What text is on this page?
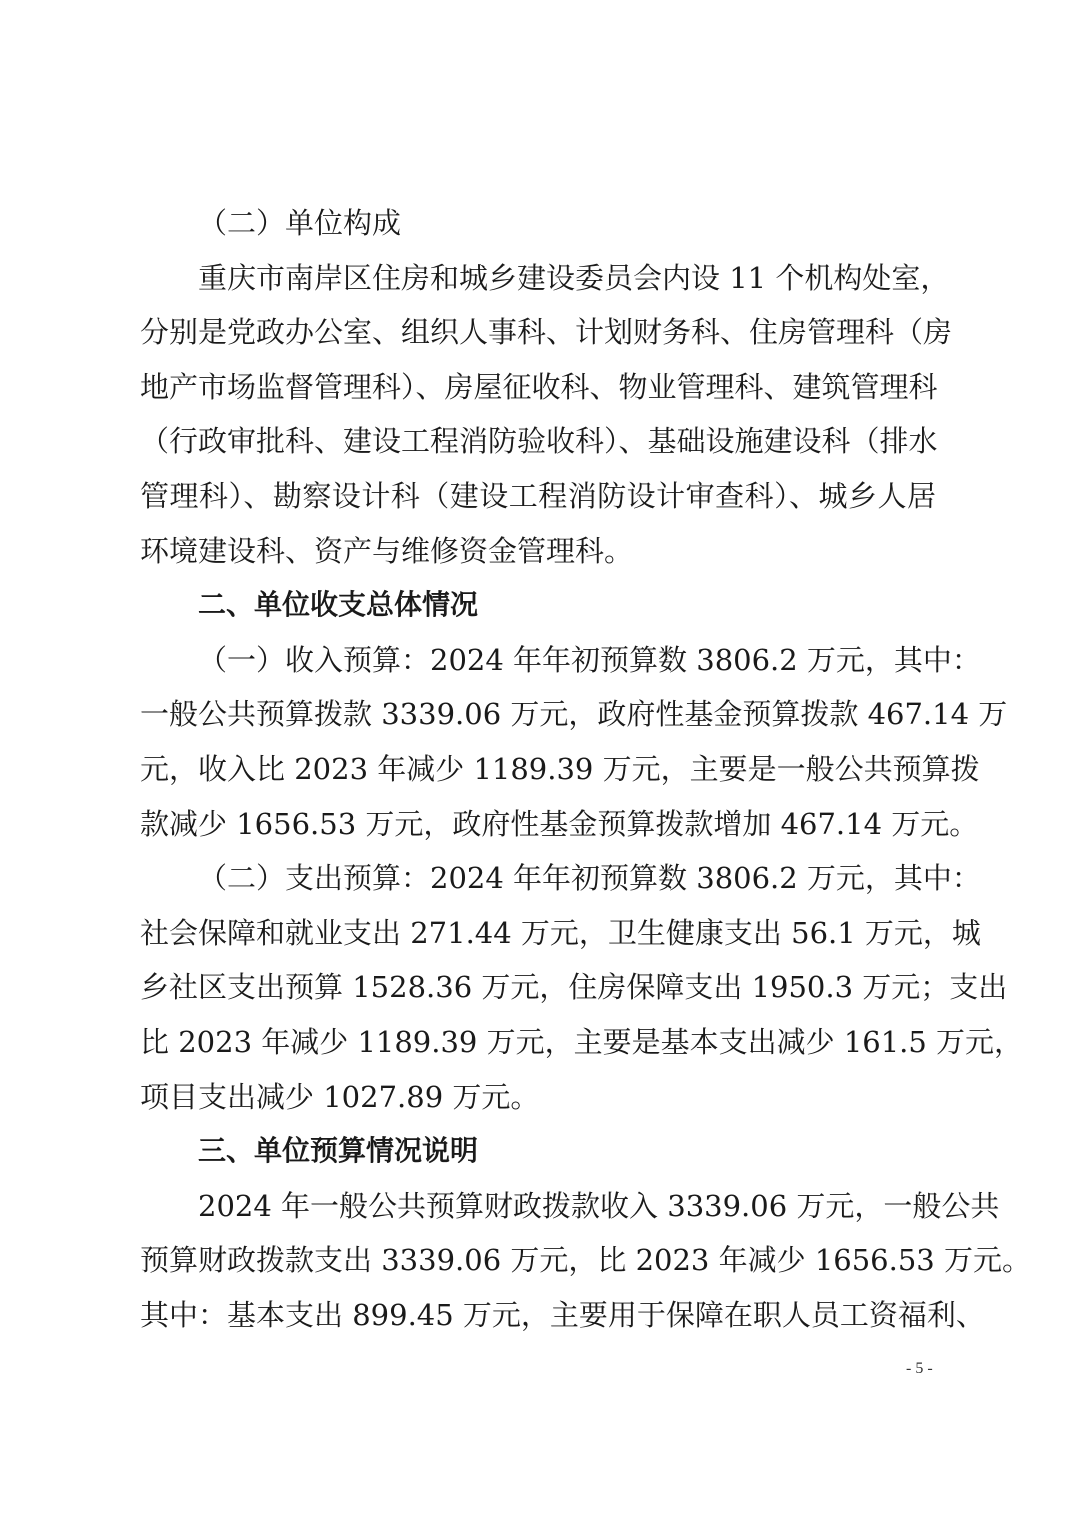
（二）单位构成
重庆市南岸区住房和城乡建设委员会内设 11 个机构处室，
分别是党政办公室、组织人事科、计划财务科、住房管理科（房
地产市场监督管理科）、房屋征收科、物业管理科、建筑管理科
（行政审批科、建设工程消防验收科）、基础设施建设科（排水
管理科）、勘察设计科（建设工程消防设计审查科）、城乡人居
环境建设科、资产与维修资金管理科。
二、单位收支总体情况
（一）收入预算：2024 年年初预算数 3806.2 万元，其中：
一般公共预算拨款 3339.06 万元，政府性基金预算拨款 467.14 万
元，收入比 2023 年减少 1189.39 万元，主要是一般公共预算拨
款减少 1656.53 万元，政府性基金预算拨款增加 467.14 万元。
（二）支出预算：2024 年年初预算数 3806.2 万元，其中：
社会保障和就业支出 271.44 万元，卫生健康支出 56.1 万元，城
乡社区支出预算 1528.36 万元，住房保障支出 1950.3 万元；支出
比 2023 年减少 1189.39 万元，主要是基本支出减少 161.5 万元，
项目支出减少 1027.89 万元。
三、单位预算情况说明
2024 年一般公共预算财政拨款收入 3339.06 万元，一般公共
预算财政拨款支出 3339.06 万元，比 2023 年减少 1656.53 万元。
其中：基本支出 899.45 万元，主要用于保障在职人员工资福利、
- 5 -
